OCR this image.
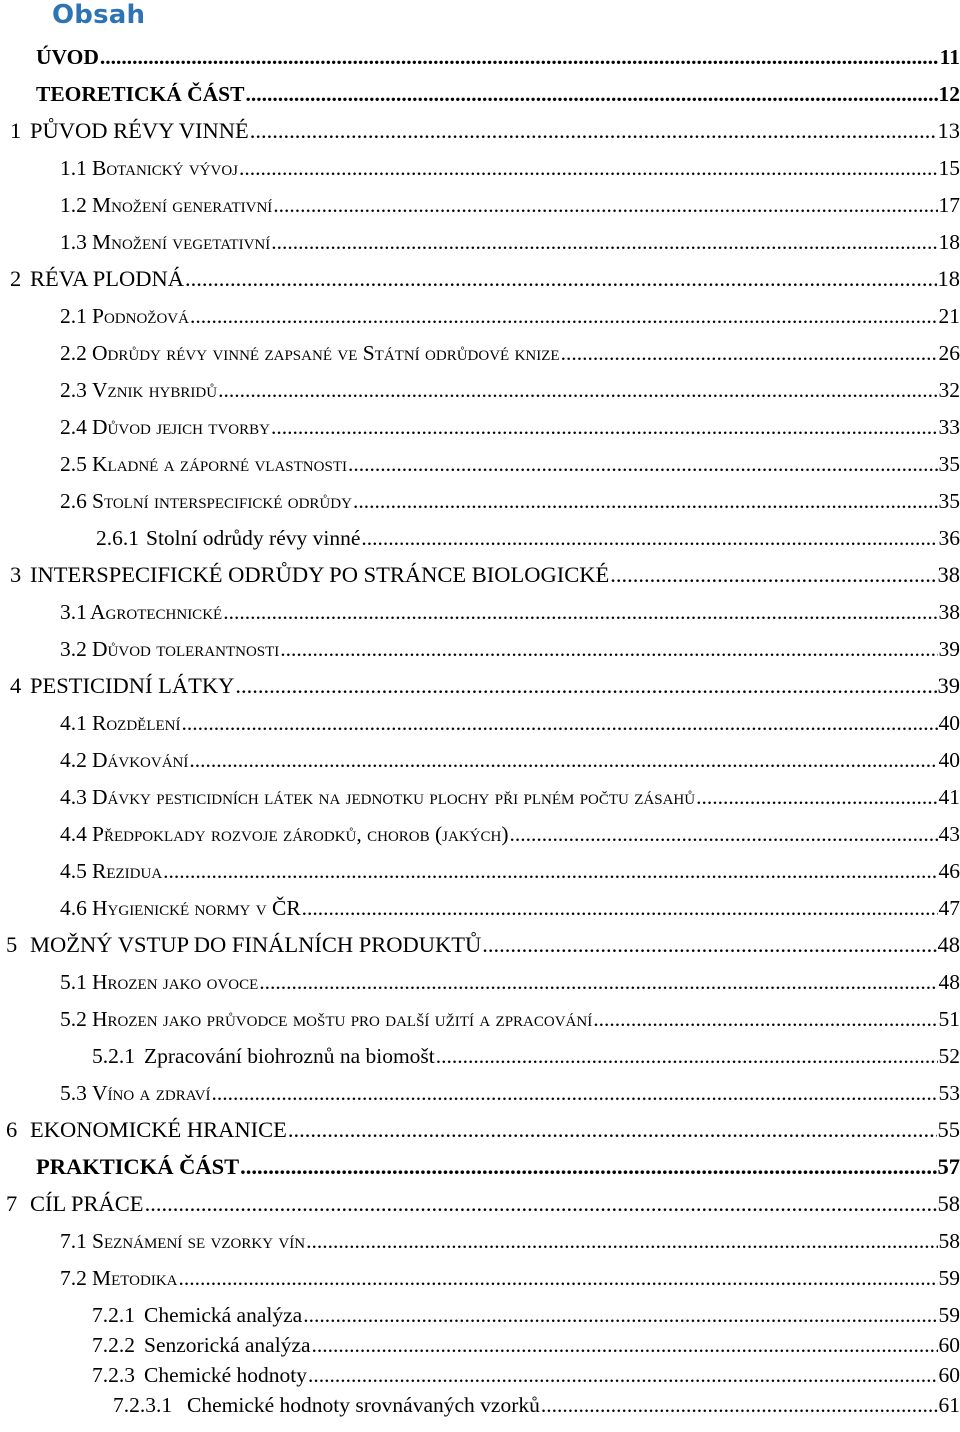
Obsah
ÚVOD .....	11
TEORETICKÁ ČÁST .....	12
1 PŮVOD RÉVY VINNÉ .....	13
1.1 Botanický vývoj .....	15
1.2 Množení generativní .....	17
1.3 Množení vegetativní .....	18
2 RÉVA PLODNÁ .....	18
2.1 Podnožová .....	21
2.2 Odrůdy révy vinné zapsané ve Státní odrůdové knize .....	26
2.3 Vznik hybridů .....	32
2.4 Důvod jejich tvorby .....	33
2.5 Kladné a záporné vlastnosti .....	35
2.6 Stolní interspecifické odrůdy .....	35
2.6.1 Stolní odrůdy révy vinné .....	36
3 INTERSPECIFICKÉ ODRŮDY PO STRÁNCE BIOLOGICKÉ .....	38
3.1 Agrotechnické .....	38
3.2 Důvod tolerantnosti .....	39
4 PESTICIDNÍ LÁTKY .....	39
4.1 Rozdělení .....	40
4.2 Dávkování .....	40
4.3 Dávky pesticidních látek na jednotku plochy při plném počtu zásahů .....	41
4.4 Předpoklady rozvoje zárodků, chorob (jakých) .....	43
4.5 Rezidua .....	46
4.6 Hygienické normy v ČR .....	47
5 MOŽNÝ VSTUP DO FINÁLNÍCH PRODUKTŮ .....	48
5.1 Hrozen jako ovoce .....	48
5.2 Hrozen jako průvodce moštu pro další užití a zpracování .....	51
5.2.1 Zpracování biohroznů na biomošt .....	52
5.3 Víno a zdraví .....	53
6 EKONOMICKÉ HRANICE .....	55
PRAKTICKÁ ČÁST .....	57
7 CÍL PRÁCE .....	58
7.1 Seznámení se vzorky vín .....	58
7.2 Metodika .....	59
7.2.1 Chemická analýza .....	59
7.2.2 Senzorická analýza .....	60
7.2.3 Chemické hodnoty .....	60
7.2.3.1 Chemické hodnoty srovnávaných vzorků .....	61
